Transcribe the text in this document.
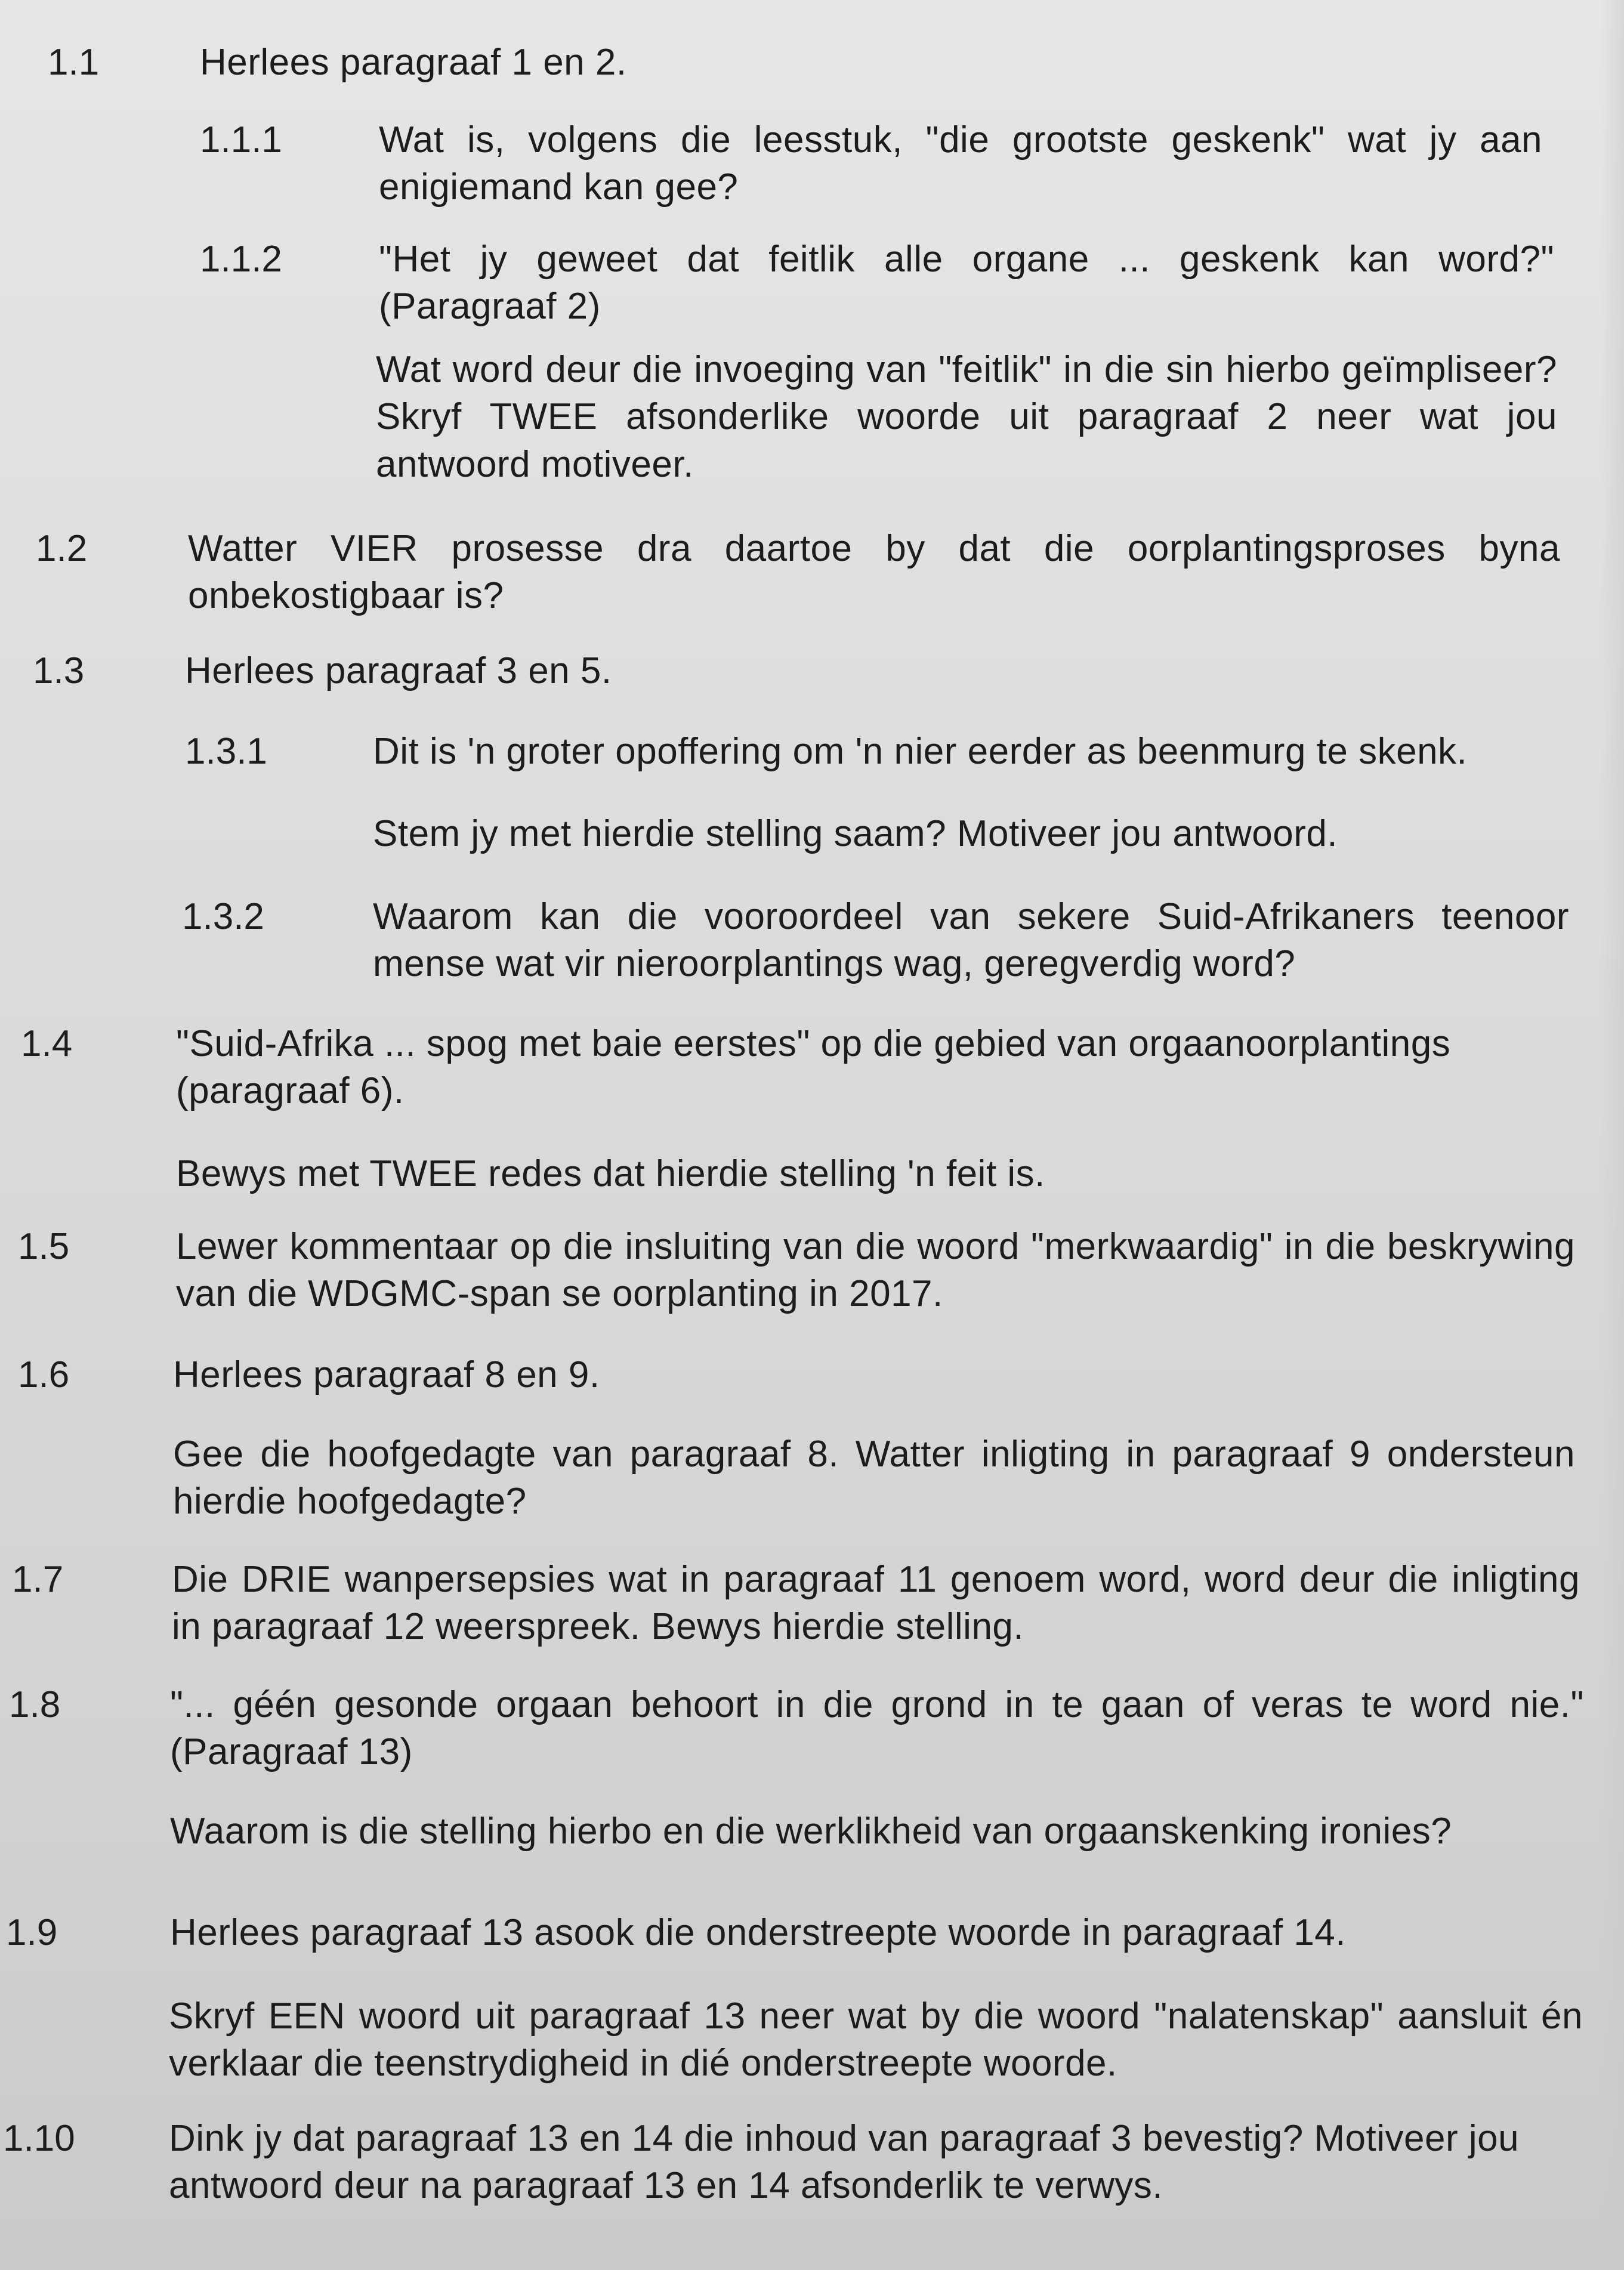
1.1	Herlees paragraaf 1 en 2.
1.1.1	Wat is, volgens die leesstuk, "die grootste geskenk" wat jy aan enigiemand kan gee?
1.1.2	"Het jy geweet dat feitlik alle organe ... geskenk kan word?" (Paragraaf 2)
Wat word deur die invoeging van "feitlik" in die sin hierbo geïmpliseer? Skryf TWEE afsonderlike woorde uit paragraaf 2 neer wat jou antwoord motiveer.
1.2	Watter VIER prosesse dra daartoe by dat die oorplantingsproses byna onbekostigbaar is?
1.3	Herlees paragraaf 3 en 5.
1.3.1	Dit is 'n groter opoffering om 'n nier eerder as beenmurg te skenk.
Stem jy met hierdie stelling saam? Motiveer jou antwoord.
1.3.2	Waarom kan die vooroordeel van sekere Suid-Afrikaners teenoor mense wat vir nieroorplantings wag, geregverdig word?
1.4	"Suid-Afrika ... spog met baie eerstes" op die gebied van orgaanoorplantings (paragraaf 6).
Bewys met TWEE redes dat hierdie stelling 'n feit is.
1.5	Lewer kommentaar op die insluiting van die woord "merkwaardig" in die beskrywing van die WDGMC-span se oorplanting in 2017.
1.6	Herlees paragraaf 8 en 9.
Gee die hoofgedagte van paragraaf 8. Watter inligting in paragraaf 9 ondersteun hierdie hoofgedagte?
1.7	Die DRIE wanpersepsies wat in paragraaf 11 genoem word, word deur die inligting in paragraaf 12 weerspreek. Bewys hierdie stelling.
1.8	"... géén gesonde orgaan behoort in die grond in te gaan of veras te word nie." (Paragraaf 13)
Waarom is die stelling hierbo en die werklikheid van orgaanskenking ironies?
1.9	Herlees paragraaf 13 asook die onderstreepte woorde in paragraaf 14.
Skryf EEN woord uit paragraaf 13 neer wat by die woord "nalatenskap" aansluit én verklaar die teenstrydigheid in dié onderstreepte woorde.
1.10	Dink jy dat paragraaf 13 en 14 die inhoud van paragraaf 3 bevestig? Motiveer jou antwoord deur na paragraaf 13 en 14 afsonderlik te verwys.
